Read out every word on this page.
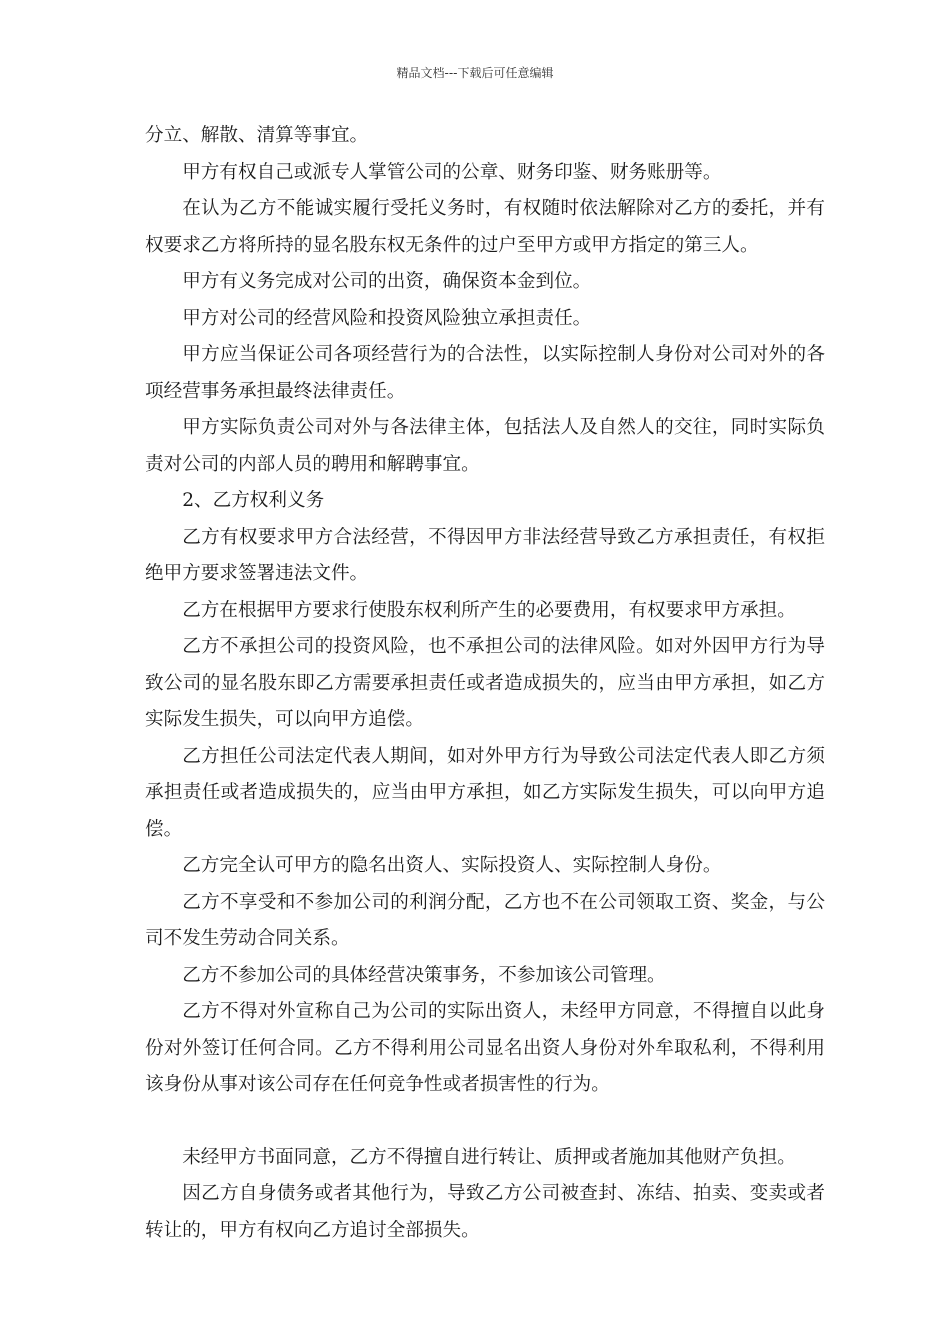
精品文档---下载后可任意编辑

分立、解散、清算等事宜。

甲方有权自己或派专人掌管公司的公章、财务印鉴、财务账册等。

在认为乙方不能诚实履行受托义务时，有权随时依法解除对乙方的委托，并有权要求乙方将所持的显名股东权无条件的过户至甲方或甲方指定的第三人。

甲方有义务完成对公司的出资，确保资本金到位。

甲方对公司的经营风险和投资风险独立承担责任。

甲方应当保证公司各项经营行为的合法性，以实际控制人身份对公司对外的各项经营事务承担最终法律责任。

甲方实际负责公司对外与各法律主体，包括法人及自然人的交往，同时实际负责对公司的内部人员的聘用和解聘事宜。

2、乙方权利义务

乙方有权要求甲方合法经营，不得因甲方非法经营导致乙方承担责任，有权拒绝甲方要求签署违法文件。

乙方在根据甲方要求行使股东权利所产生的必要费用，有权要求甲方承担。

乙方不承担公司的投资风险，也不承担公司的法律风险。如对外因甲方行为导致公司的显名股东即乙方需要承担责任或者造成损失的，应当由甲方承担，如乙方实际发生损失，可以向甲方追偿。

乙方担任公司法定代表人期间，如对外甲方行为导致公司法定代表人即乙方须承担责任或者造成损失的，应当由甲方承担，如乙方实际发生损失，可以向甲方追偿。

乙方完全认可甲方的隐名出资人、实际投资人、实际控制人身份。

乙方不享受和不参加公司的利润分配，乙方也不在公司领取工资、奖金，与公司不发生劳动合同关系。

乙方不参加公司的具体经营决策事务，不参加该公司管理。

乙方不得对外宣称自己为公司的实际出资人，未经甲方同意，不得擅自以此身份对外签订任何合同。乙方不得利用公司显名出资人身份对外牟取私利，不得利用该身份从事对该公司存在任何竞争性或者损害性的行为。

未经甲方书面同意，乙方不得擅自进行转让、质押或者施加其他财产负担。

因乙方自身债务或者其他行为，导致乙方公司被查封、冻结、拍卖、变卖或者转让的，甲方有权向乙方追讨全部损失。
